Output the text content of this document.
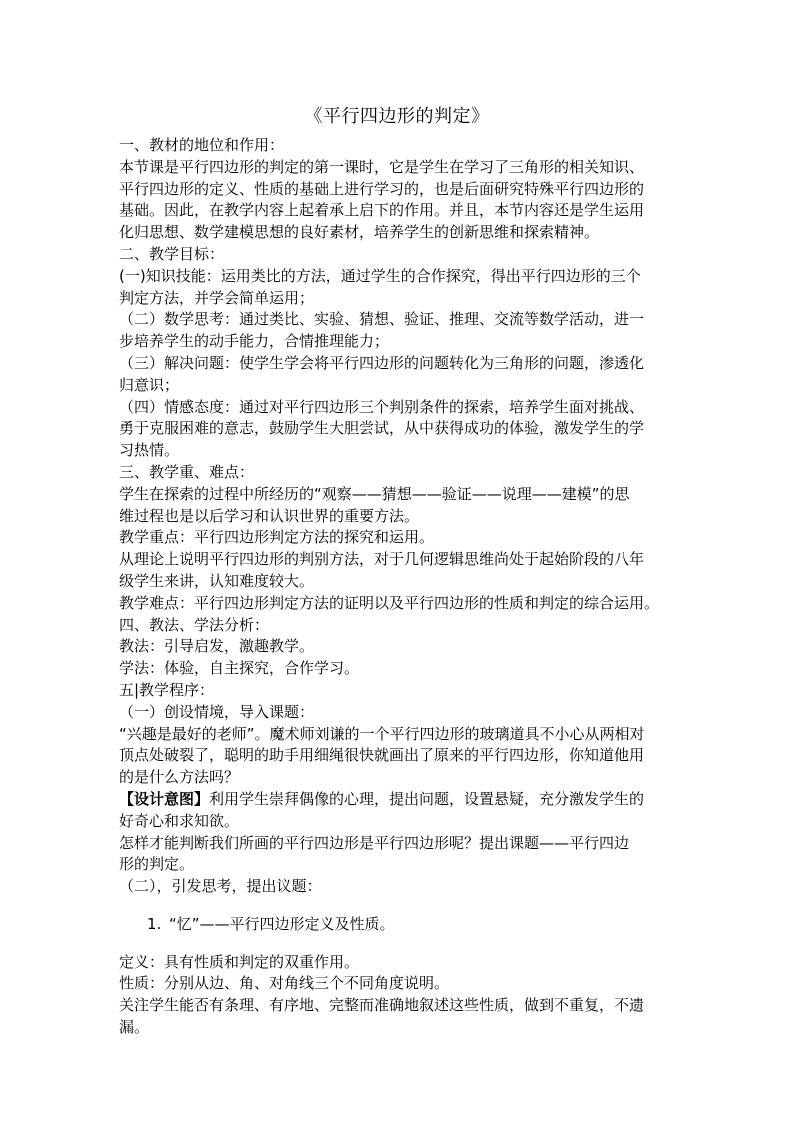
《平行四边形的判定》
一、教材的地位和作用：
本节课是平行四边形的判定的第一课时，它是学生在学习了三角形的相关知识、
平行四边形的定义、性质的基础上进行学习的，也是后面研究特殊平行四边形的
基础。因此，在教学内容上起着承上启下的作用。并且，本节内容还是学生运用
化归思想、数学建模思想的良好素材，培养学生的创新思维和探索精神。
二、教学目标：
(一)知识技能：运用类比的方法，通过学生的合作探究，得出平行四边形的三个
判定方法，并学会简单运用；
（二）数学思考：通过类比、实验、猜想、验证、推理、交流等数学活动，进一
步培养学生的动手能力，合情推理能力；
（三）解决问题：使学生学会将平行四边形的问题转化为三角形的问题，渗透化
归意识；
（四）情感态度：通过对平行四边形三个判别条件的探索，培养学生面对挑战、
勇于克服困难的意志，鼓励学生大胆尝试，从中获得成功的体验，激发学生的学
习热情。
三、教学重、难点：
学生在探索的过程中所经历的“观察——猜想——验证——说理——建模”的思
维过程也是以后学习和认识世界的重要方法。
教学重点：平行四边形判定方法的探究和运用。
从理论上说明平行四边形的判别方法，对于几何逻辑思维尚处于起始阶段的八年
级学生来讲，认知难度较大。
教学难点：平行四边形判定方法的证明以及平行四边形的性质和判定的综合运用。
四、教法、学法分析：
教法：引导启发，激趣教学。
学法：体验，自主探究，合作学习。
五|教学程序：
（一）创设情境，导入课题：
“兴趣是最好的老师”。魔术师刘谦的一个平行四边形的玻璃道具不小心从两相对
顶点处破裂了，聪明的助手用细绳很快就画出了原来的平行四边形，你知道他用
的是什么方法吗？
【设计意图】利用学生崇拜偶像的心理，提出问题，设置悬疑，充分激发学生的
好奇心和求知欲。
怎样才能判断我们所画的平行四边形是平行四边形呢？提出课题——平行四边
形的判定。
（二），引发思考，提出议题：
1. “忆”——平行四边形定义及性质。
定义：具有性质和判定的双重作用。
性质：分别从边、角、对角线三个不同角度说明。
关注学生能否有条理、有序地、完整而准确地叙述这些性质，做到不重复，不遗
漏。
